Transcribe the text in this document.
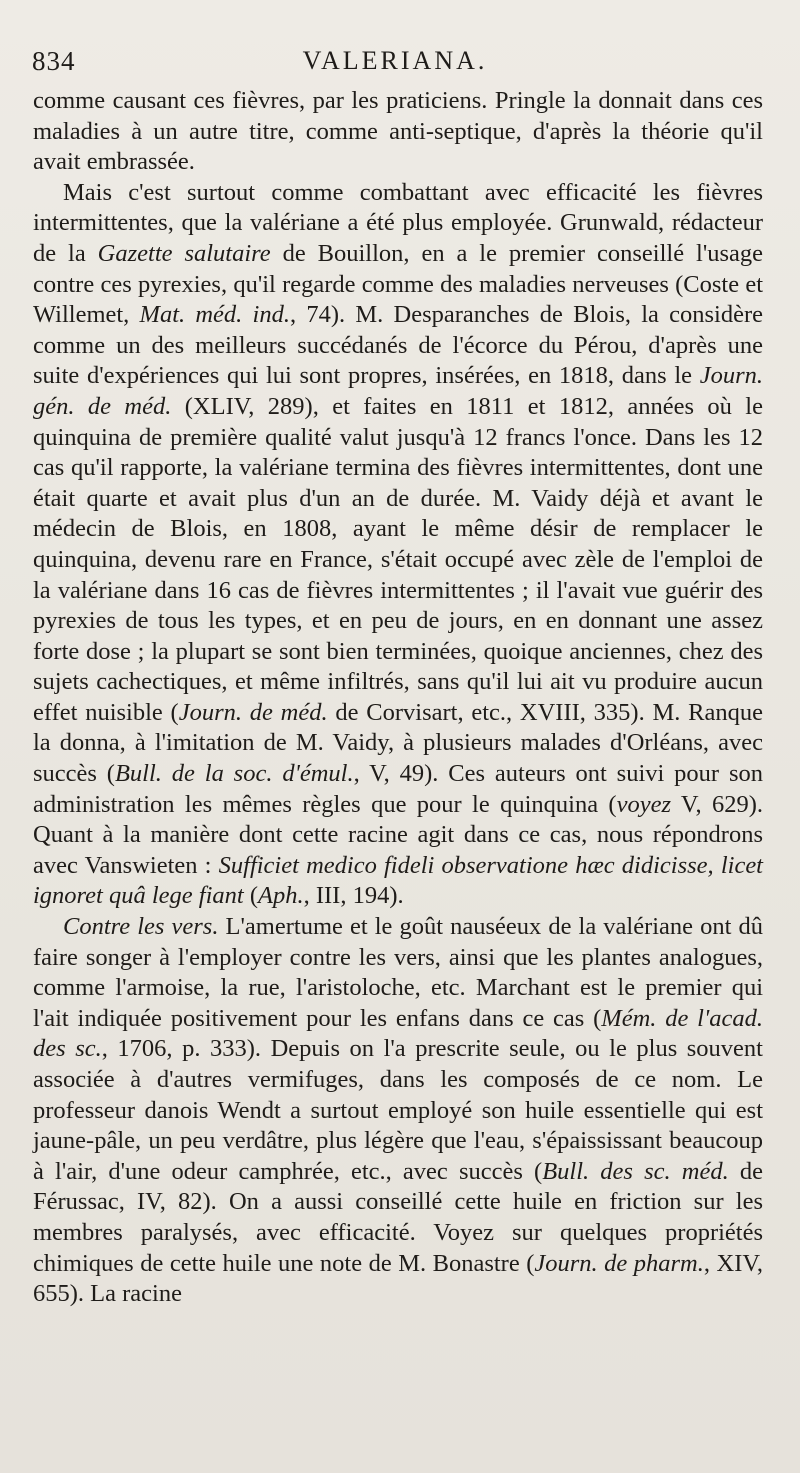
834	VALERIANA.

comme causant ces fièvres, par les praticiens. Pringle la donnait dans ces maladies à un autre titre, comme anti-septique, d'après la théorie qu'il avait embrassée.

Mais c'est surtout comme combattant avec efficacité les fièvres intermittentes, que la valériane a été plus employée. Grunwald, rédacteur de la Gazette salutaire de Bouillon, en a le premier conseillé l'usage contre ces pyrexies, qu'il regarde comme des maladies nerveuses (Coste et Willemet, Mat. méd. ind., 74). M. Desparanches de Blois, la considère comme un des meilleurs succédanés de l'écorce du Pérou, d'après une suite d'expériences qui lui sont propres, insérées, en 1818, dans le Journ. gén. de méd. (XLIV, 289), et faites en 1811 et 1812, années où le quinquina de première qualité valut jusqu'à 12 francs l'once. Dans les 12 cas qu'il rapporte, la valériane termina des fièvres intermittentes, dont une était quarte et avait plus d'un an de durée. M. Vaidy déjà et avant le médecin de Blois, en 1808, ayant le même désir de remplacer le quinquina, devenu rare en France, s'était occupé avec zèle de l'emploi de la valériane dans 16 cas de fièvres intermittentes ; il l'avait vue guérir des pyrexies de tous les types, et en peu de jours, en en donnant une assez forte dose ; la plupart se sont bien terminées, quoique anciennes, chez des sujets cachectiques, et même infiltrés, sans qu'il lui ait vu produire aucun effet nuisible (Journ. de méd. de Corvisart, etc., XVIII, 335). M. Ranque la donna, à l'imitation de M. Vaidy, à plusieurs malades d'Orléans, avec succès (Bull. de la soc. d'émul., V, 49). Ces auteurs ont suivi pour son administration les mêmes règles que pour le quinquina (voyez V, 629). Quant à la manière dont cette racine agit dans ce cas, nous répondrons avec Vanswieten : Sufficiet medico fideli observatione hæc didicisse, licet ignoret quâ lege fiant (Aph., III, 194).

Contre les vers. L'amertume et le goût nauséeux de la valériane ont dû faire songer à l'employer contre les vers, ainsi que les plantes analogues, comme l'armoise, la rue, l'aristoloche, etc. Marchant est le premier qui l'ait indiquée positivement pour les enfans dans ce cas (Mém. de l'acad. des sc., 1706, p. 333). Depuis on l'a prescrite seule, ou le plus souvent associée à d'autres vermifuges, dans les composés de ce nom. Le professeur danois Wendt a surtout employé son huile essentielle qui est jaune-pâle, un peu verdâtre, plus légère que l'eau, s'épaississant beaucoup à l'air, d'une odeur camphrée, etc., avec succès (Bull. des sc. méd. de Férussac, IV, 82). On a aussi conseillé cette huile en friction sur les membres paralysés, avec efficacité. Voyez sur quelques propriétés chimiques de cette huile une note de M. Bonastre (Journ. de pharm., XIV, 655). La racine
